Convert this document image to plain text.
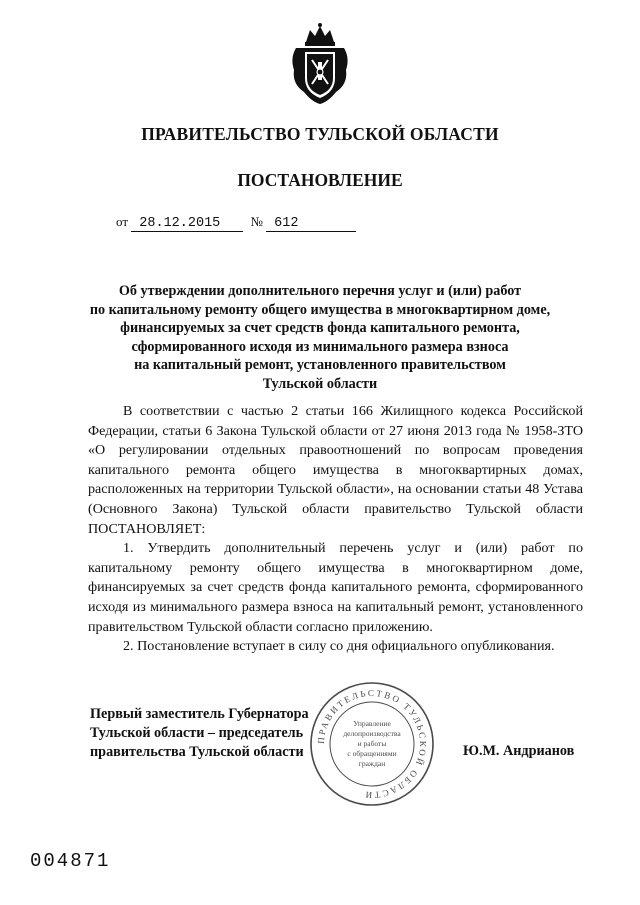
ПРАВИТЕЛЬСТВО ТУЛЬСКОЙ ОБЛАСТИ
ПОСТАНОВЛЕНИЕ
от 28.12.2015 № 612
Об утверждении дополнительного перечня услуг и (или) работ
по капитальному ремонту общего имущества в многоквартирном доме,
финансируемых за счет средств фонда капитального ремонта,
сформированного исходя из минимального размера взноса
на капитальный ремонт, установленного правительством
Тульской области

В соответствии с частью 2 статьи 166 Жилищного кодекса Российской Федерации, статьи 6 Закона Тульской области от 27 июня 2013 года № 1958-ЗТО «О регулировании отдельных правоотношений по вопросам проведения капитального ремонта общего имущества в многоквартирных домах, расположенных на территории Тульской области», на основании статьи 48 Устава (Основного Закона) Тульской области правительство Тульской области ПОСТАНОВЛЯЕТ:

1. Утвердить дополнительный перечень услуг и (или) работ по капитальному ремонту общего имущества в многоквартирном доме, финансируемых за счет средств фонда капитального ремонта, сформированного исходя из минимального размера взноса на капитальный ремонт, установленного правительством Тульской области согласно приложению.

2. Постановление вступает в силу со дня официального опубликования.

Первый заместитель Губернатора
Тульской области – председатель
правительства Тульской области	Ю.М. Андрианов
ПРАВИТЕЛЬСТВО ТУЛЬСКОЙ ОБЛАСТИ
Управление
делопроизводства
и работы
с обращениями
граждан
004871
